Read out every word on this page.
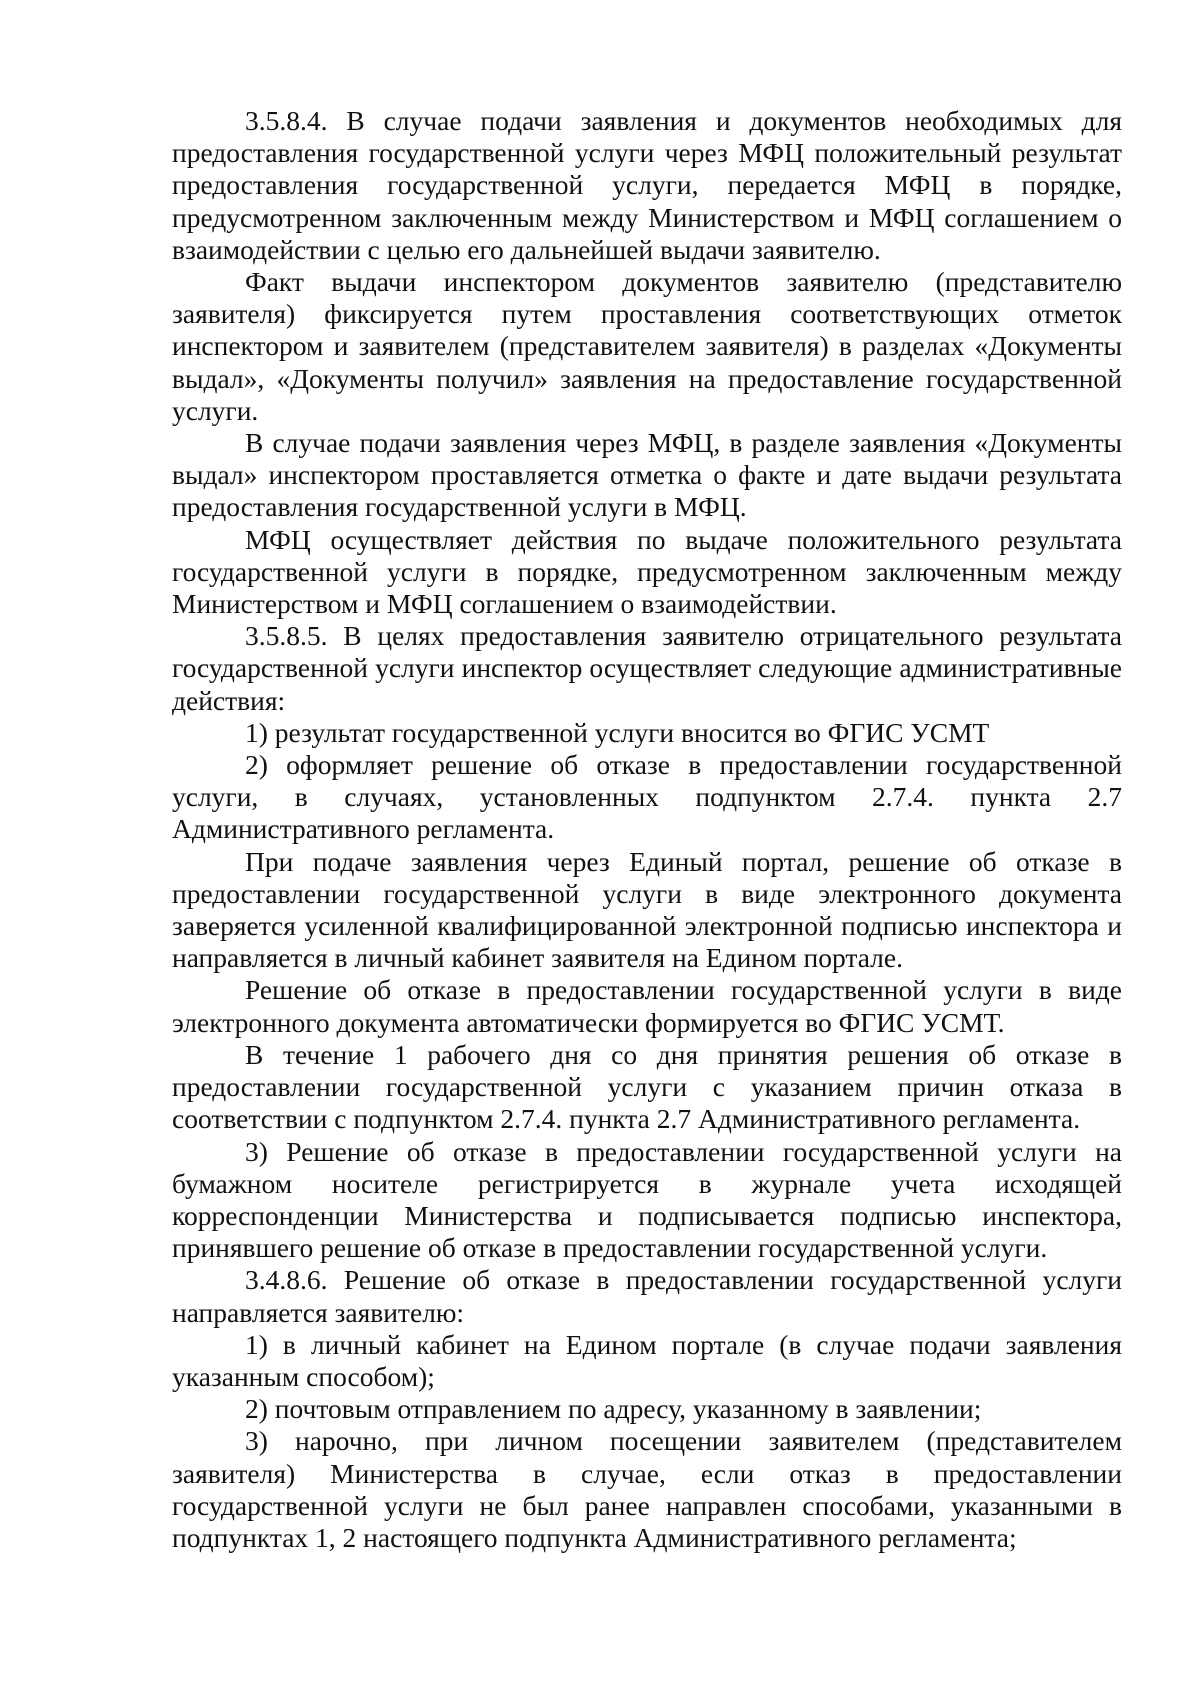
3.5.8.4. В случае подачи заявления и документов необходимых для предоставления государственной услуги через МФЦ положительный результат предоставления государственной услуги, передается МФЦ в порядке, предусмотренном заключенным между Министерством и МФЦ соглашением о взаимодействии с целью его дальнейшей выдачи заявителю.

Факт выдачи инспектором документов заявителю (представителю заявителя) фиксируется путем проставления соответствующих отметок инспектором и заявителем (представителем заявителя) в разделах «Документы выдал», «Документы получил» заявления на предоставление государственной услуги.

В случае подачи заявления через МФЦ, в разделе заявления «Документы выдал» инспектором проставляется отметка о факте и дате выдачи результата предоставления государственной услуги в МФЦ.

МФЦ осуществляет действия по выдаче положительного результата государственной услуги в порядке, предусмотренном заключенным между Министерством и МФЦ соглашением о взаимодействии.

3.5.8.5. В целях предоставления заявителю отрицательного результата государственной услуги инспектор осуществляет следующие административные действия:

1) результат государственной услуги вносится во ФГИС УСМТ

2) оформляет решение об отказе в предоставлении государственной услуги, в случаях, установленных подпунктом 2.7.4. пункта 2.7 Административного регламента.

При подаче заявления через Единый портал, решение об отказе в предоставлении государственной услуги в виде электронного документа заверяется усиленной квалифицированной электронной подписью инспектора и направляется в личный кабинет заявителя на Едином портале.

Решение об отказе в предоставлении государственной услуги в виде электронного документа автоматически формируется во ФГИС УСМТ.

В течение 1 рабочего дня со дня принятия решения об отказе в предоставлении государственной услуги с указанием причин отказа в соответствии с подпунктом 2.7.4. пункта 2.7 Административного регламента.

3) Решение об отказе в предоставлении государственной услуги на бумажном носителе регистрируется в журнале учета исходящей корреспонденции Министерства и подписывается подписью инспектора, принявшего решение об отказе в предоставлении государственной услуги.

3.4.8.6. Решение об отказе в предоставлении государственной услуги направляется заявителю:

1) в личный кабинет на Едином портале (в случае подачи заявления указанным способом);

2) почтовым отправлением по адресу, указанному в заявлении;

3) нарочно, при личном посещении заявителем (представителем заявителя) Министерства в случае, если отказ в предоставлении государственной услуги не был ранее направлен способами, указанными в подпунктах 1, 2 настоящего подпункта Административного регламента;
